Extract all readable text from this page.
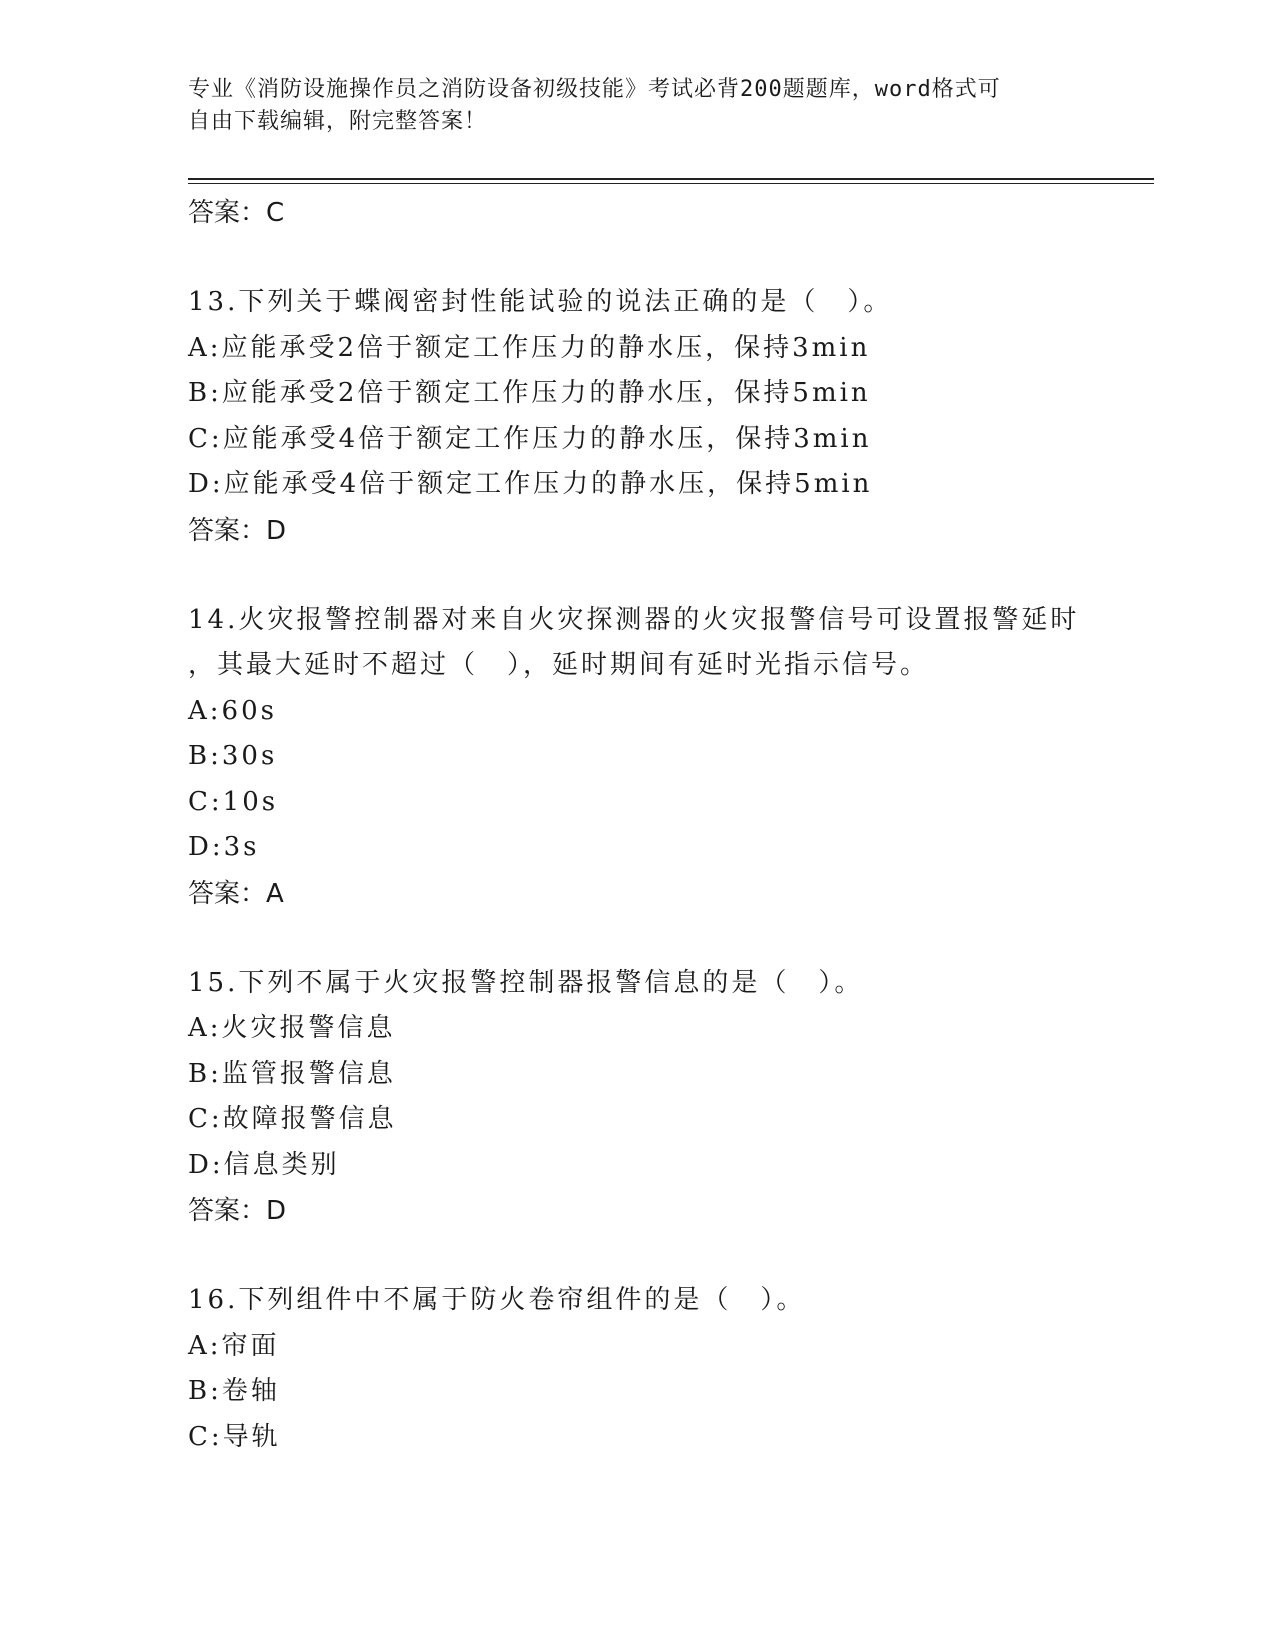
专业《消防设施操作员之消防设备初级技能》考试必背200题题库，word格式可
自由下载编辑，附完整答案！
答案：C
13.下列关于蝶阀密封性能试验的说法正确的是（　）。
A:应能承受2倍于额定工作压力的静水压，保持3min
B:应能承受2倍于额定工作压力的静水压，保持5min
C:应能承受4倍于额定工作压力的静水压，保持3min
D:应能承受4倍于额定工作压力的静水压，保持5min
答案：D
14.火灾报警控制器对来自火灾探测器的火灾报警信号可设置报警延时
，其最大延时不超过（　），延时期间有延时光指示信号。
A:60s
B:30s
C:10s
D:3s
答案：A
15.下列不属于火灾报警控制器报警信息的是（　）。
A:火灾报警信息
B:监管报警信息
C:故障报警信息
D:信息类别
答案：D
16.下列组件中不属于防火卷帘组件的是（　）。
A:帘面
B:卷轴
C:导轨
